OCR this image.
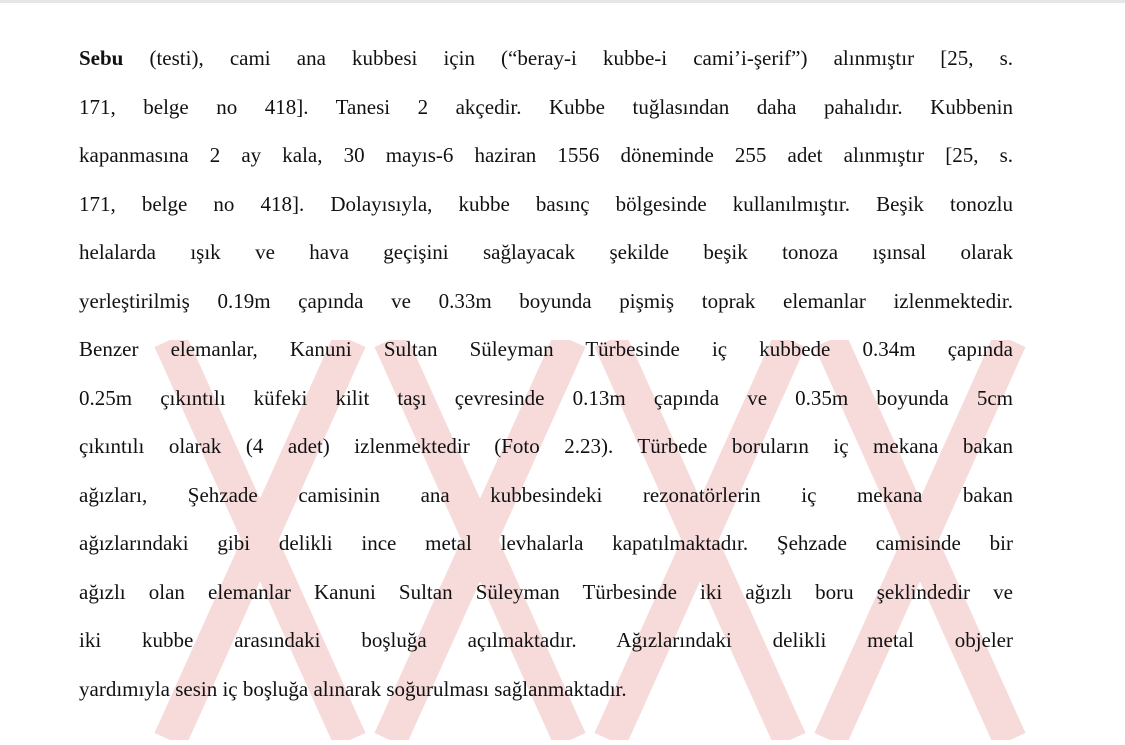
Sebu (testi), cami ana kubbesi için (“beray-i kubbe-i cami’i-şerif”) alınmıştır [25, s.
171, belge no 418]. Tanesi 2 akçedir. Kubbe tuğlasından daha pahalıdır. Kubbenin
kapanmasına 2 ay kala, 30 mayıs-6 haziran 1556 döneminde 255 adet alınmıştır [25, s.
171, belge no 418]. Dolayısıyla, kubbe basınç bölgesinde kullanılmıştır. Beşik tonozlu
helalarda ışık ve hava geçişini sağlayacak şekilde beşik tonoza ışınsal olarak
yerleştirilmiş 0.19m çapında ve 0.33m boyunda pişmiş toprak elemanlar izlenmektedir.
Benzer elemanlar, Kanuni Sultan Süleyman Türbesinde iç kubbede 0.34m çapında
0.25m çıkıntılı küfeki kilit taşı çevresinde 0.13m çapında ve 0.35m boyunda 5cm
çıkıntılı olarak (4 adet) izlenmektedir (Foto 2.23). Türbede boruların iç mekana bakan
ağızları, Şehzade camisinin ana kubbesindeki rezonatörlerin iç mekana bakan
ağızlarındaki gibi delikli ince metal levhalarla kapatılmaktadır. Şehzade camisinde bir
ağızlı olan elemanlar Kanuni Sultan Süleyman Türbesinde iki ağızlı boru şeklindedir ve
iki kubbe arasındaki boşluğa açılmaktadır. Ağızlarındaki delikli metal objeler
yardımıyla sesin iç boşluğa alınarak soğurulması sağlanmaktadır.
